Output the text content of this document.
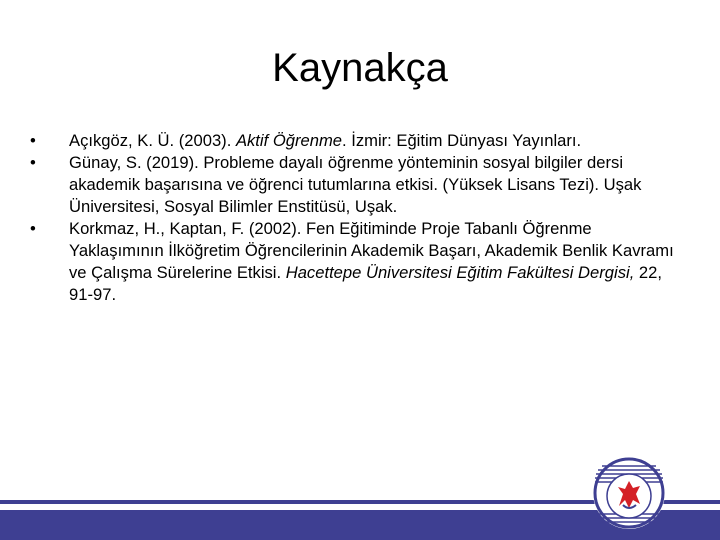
Kaynakça
• Açıkgöz, K. Ü. (2003). Aktif Öğrenme. İzmir: Eğitim Dünyası Yayınları.
• Günay, S. (2019). Probleme dayalı öğrenme yönteminin sosyal bilgiler dersi akademik başarısına ve öğrenci tutumlarına etkisi. (Yüksek Lisans Tezi). Uşak Üniversitesi, Sosyal Bilimler Enstitüsü, Uşak.
• Korkmaz, H., Kaptan, F. (2002). Fen Eğitiminde Proje Tabanlı Öğrenme Yaklaşımının İlköğretim Öğrencilerinin Akademik Başarı, Akademik Benlik Kavramı ve Çalışma Sürelerine Etkisi. Hacettepe Üniversitesi Eğitim Fakültesi Dergisi, 22, 91-97.
